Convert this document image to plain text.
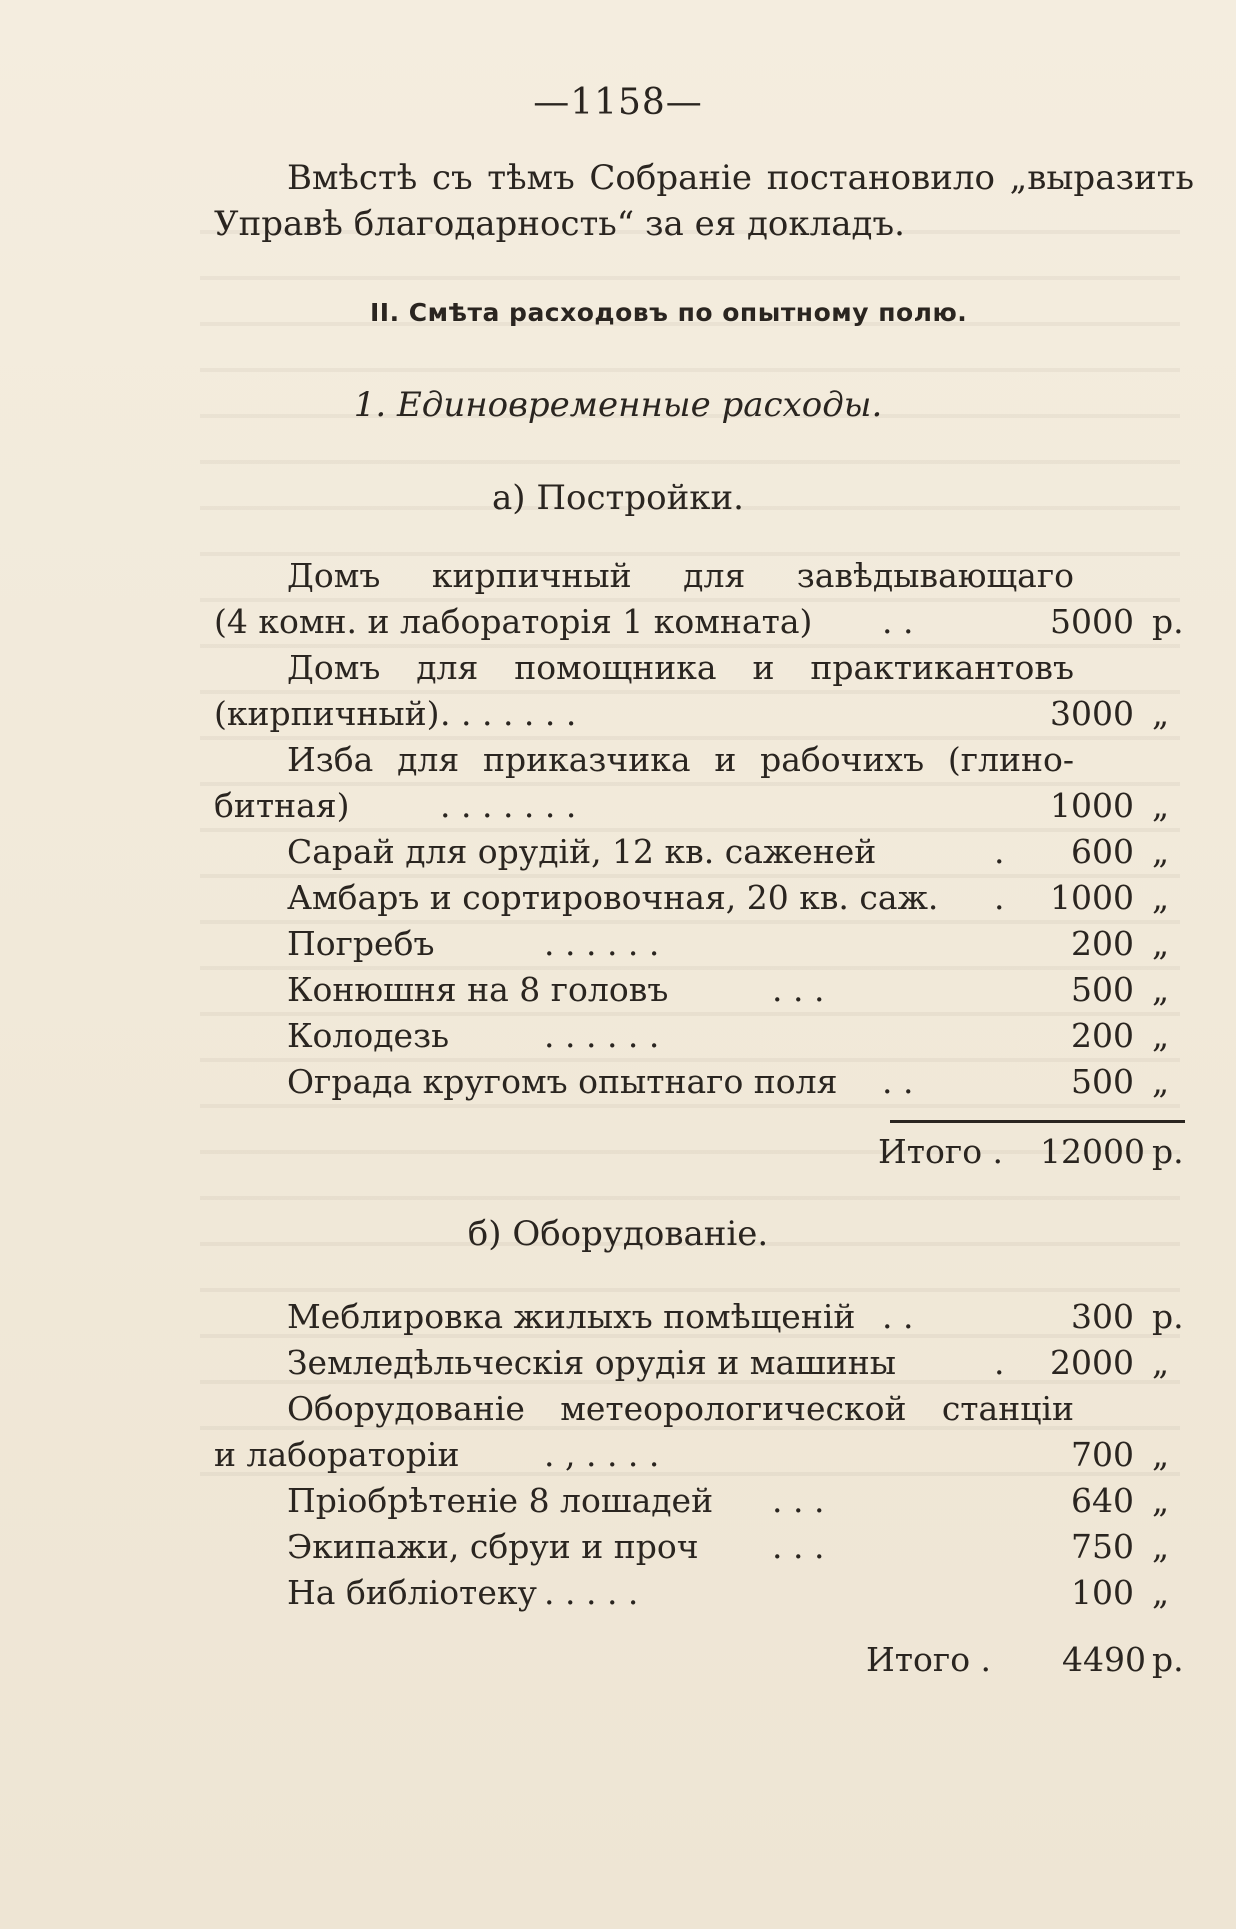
—1158—
Вмѣстѣ съ тѣмъ Собраніе постановило „выразить
Управѣ благодарность“ за ея докладъ.
II. Смѣта расходовъ по опытному полю.
1. Единовременные расходы.
а) Постройки.
Домъ кирпичный для завѣдывающаго
(4 комн. и лабораторія 1 комната) . .	5000 р.
Домъ для помощника и практикантовъ
(кирпичный) . . . . . . .	3000 „
Изба для приказчика и рабочихъ (глино-
битная)	. . . . . . .	1000 „
Сарай для орудій, 12 кв. саженей	. 600 „
Амбаръ и сортировочная, 20 кв. саж. . 1000 „
Погребъ	. . . . . .	200 „
Конюшня на 8 головъ	. . .	500 „
Колодезь	. . . . . .	200 „
Ограда кругомъ опытнаго поля . .	500 „
Итого . 12000 р.
б) Оборудованіе.
Меблировка жилыхъ помѣщеній . .	300 р.
Земледѣльческія орудія и машины	. 2000 „
Оборудованіе метеорологической станціи
и лабораторіи	. , . . . .	700 „
Пріобрѣтеніе 8 лошадей . . .	640 „
Экипажи, сбруи и проч . . .	750 „
На библіотеку . . . . .	100 „
Итого . 4490 р.
